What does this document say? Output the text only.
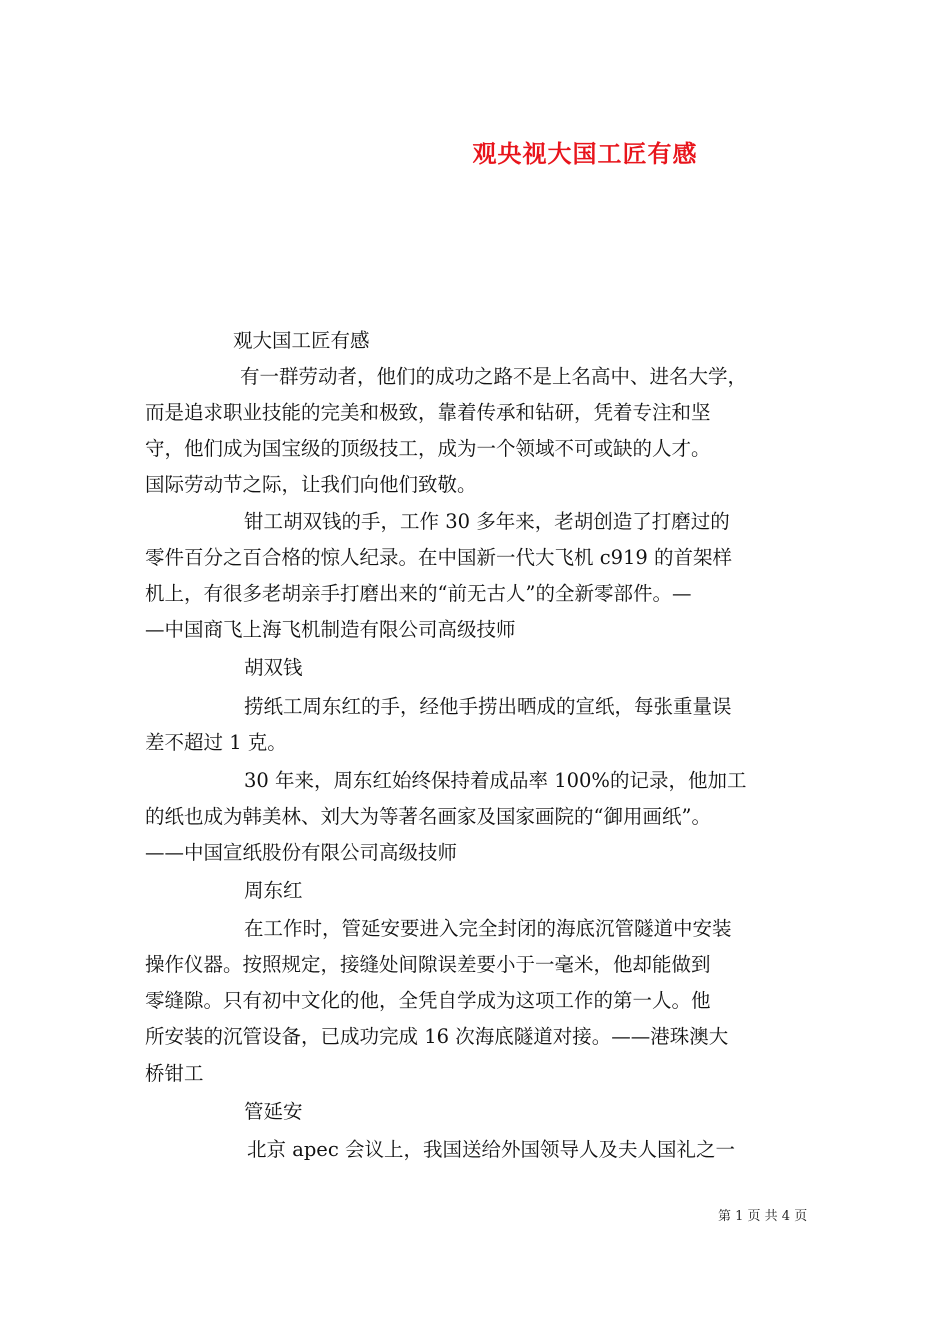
观央视大国工匠有感
观大国工匠有感
有一群劳动者，他们的成功之路不是上名高中、进名大学，
而是追求职业技能的完美和极致，靠着传承和钻研，凭着专注和坚
守，他们成为国宝级的顶级技工，成为一个领域不可或缺的人才。
国际劳动节之际，让我们向他们致敬。
钳工胡双钱的手，工作 30 多年来，老胡创造了打磨过的
零件百分之百合格的惊人纪录。在中国新一代大飞机 c919 的首架样
机上，有很多老胡亲手打磨出来的“前无古人”的全新零部件。—
—中国商飞上海飞机制造有限公司高级技师
胡双钱
捞纸工周东红的手，经他手捞出晒成的宣纸，每张重量误
差不超过 1 克。
30 年来，周东红始终保持着成品率 100%的记录，他加工
的纸也成为韩美林、刘大为等著名画家及国家画院的“御用画纸”。
——中国宣纸股份有限公司高级技师
周东红
在工作时，管延安要进入完全封闭的海底沉管隧道中安装
操作仪器。按照规定，接缝处间隙误差要小于一毫米，他却能做到
零缝隙。只有初中文化的他，全凭自学成为这项工作的第一人。他
所安装的沉管设备，已成功完成 16 次海底隧道对接。——港珠澳大
桥钳工
管延安
北京 apec 会议上，我国送给外国领导人及夫人国礼之一
第 1 页 共 4 页
